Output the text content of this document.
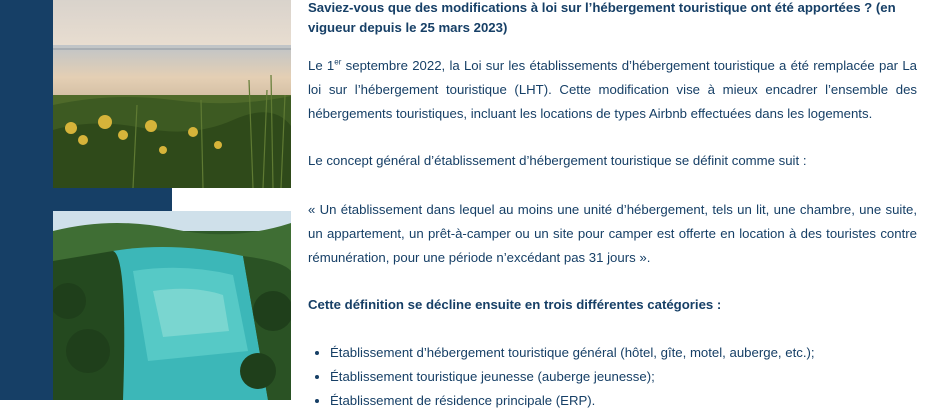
Saviez-vous que des modifications à loi sur l’hébergement touristique ont été apportées ? (en vigueur depuis le 25 mars 2023)

Le 1er septembre 2022, la Loi sur les établissements d’hébergement touristique a été remplacée par La loi sur l’hébergement touristique (LHT). Cette modification vise à mieux encadrer l’ensemble des hébergements touristiques, incluant les locations de types Airbnb effectuées dans les logements.

Le concept général d’établissement d’hébergement touristique se définit comme suit :

« Un établissement dans lequel au moins une unité d’hébergement, tels un lit, une chambre, une suite, un appartement, un prêt-à-camper ou un site pour camper est offerte en location à des touristes contre rémunération, pour une période n’excédant pas 31 jours ».

Cette définition se décline ensuite en trois différentes catégories :

• Établissement d’hébergement touristique général (hôtel, gîte, motel, auberge, etc.);
• Établissement touristique jeunesse (auberge jeunesse);
• Établissement de résidence principale (ERP).
